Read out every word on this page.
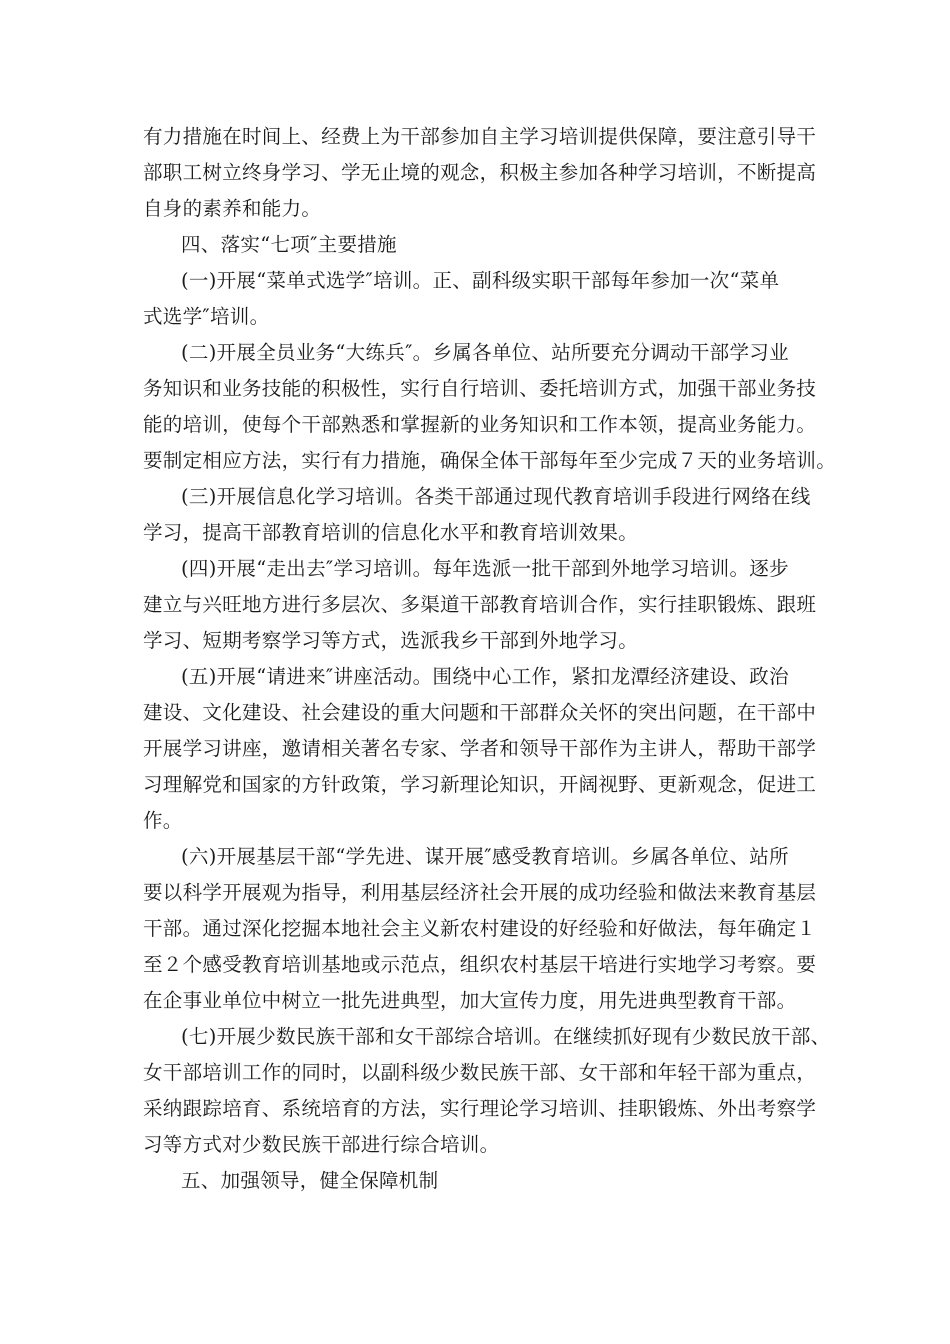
有力措施在时间上、经费上为干部参加自主学习培训提供保障，要注意引导干

部职工树立终身学习、学无止境的观念，积极主参加各种学习培训，不断提高

自身的素养和能力。

四、落实“七项″主要措施

(一)开展“菜单式选学″培训。正、副科级实职干部每年参加一次“菜单

式选学″培训。

(二)开展全员业务“大练兵″。乡属各单位、站所要充分调动干部学习业

务知识和业务技能的积极性，实行自行培训、委托培训方式，加强干部业务技

能的培训，使每个干部熟悉和掌握新的业务知识和工作本领，提高业务能力。

要制定相应方法，实行有力措施，确保全体干部每年至少完成７天的业务培训。

(三)开展信息化学习培训。各类干部通过现代教育培训手段进行网络在线

学习，提高干部教育培训的信息化水平和教育培训效果。

(四)开展“走出去″学习培训。每年选派一批干部到外地学习培训。逐步

建立与兴旺地方进行多层次、多渠道干部教育培训合作，实行挂职锻炼、跟班

学习、短期考察学习等方式，选派我乡干部到外地学习。

(五)开展“请进来″讲座活动。围绕中心工作，紧扣龙潭经济建设、政治

建设、文化建设、社会建设的重大问题和干部群众关怀的突出问题，在干部中

开展学习讲座，邀请相关著名专家、学者和领导干部作为主讲人，帮助干部学

习理解党和国家的方针政策，学习新理论知识，开阔视野、更新观念，促进工

作。

(六)开展基层干部“学先进、谋开展″感受教育培训。乡属各单位、站所

要以科学开展观为指导，利用基层经济社会开展的成功经验和做法来教育基层

干部。通过深化挖掘本地社会主义新农村建设的好经验和好做法，每年确定１

至２个感受教育培训基地或示范点，组织农村基层干培进行实地学习考察。要

在企事业单位中树立一批先进典型，加大宣传力度，用先进典型教育干部。

(七)开展少数民族干部和女干部综合培训。在继续抓好现有少数民放干部、

女干部培训工作的同时，以副科级少数民族干部、女干部和年轻干部为重点，

采纳跟踪培育、系统培育的方法，实行理论学习培训、挂职锻炼、外出考察学

习等方式对少数民族干部进行综合培训。

五、加强领导，健全保障机制
